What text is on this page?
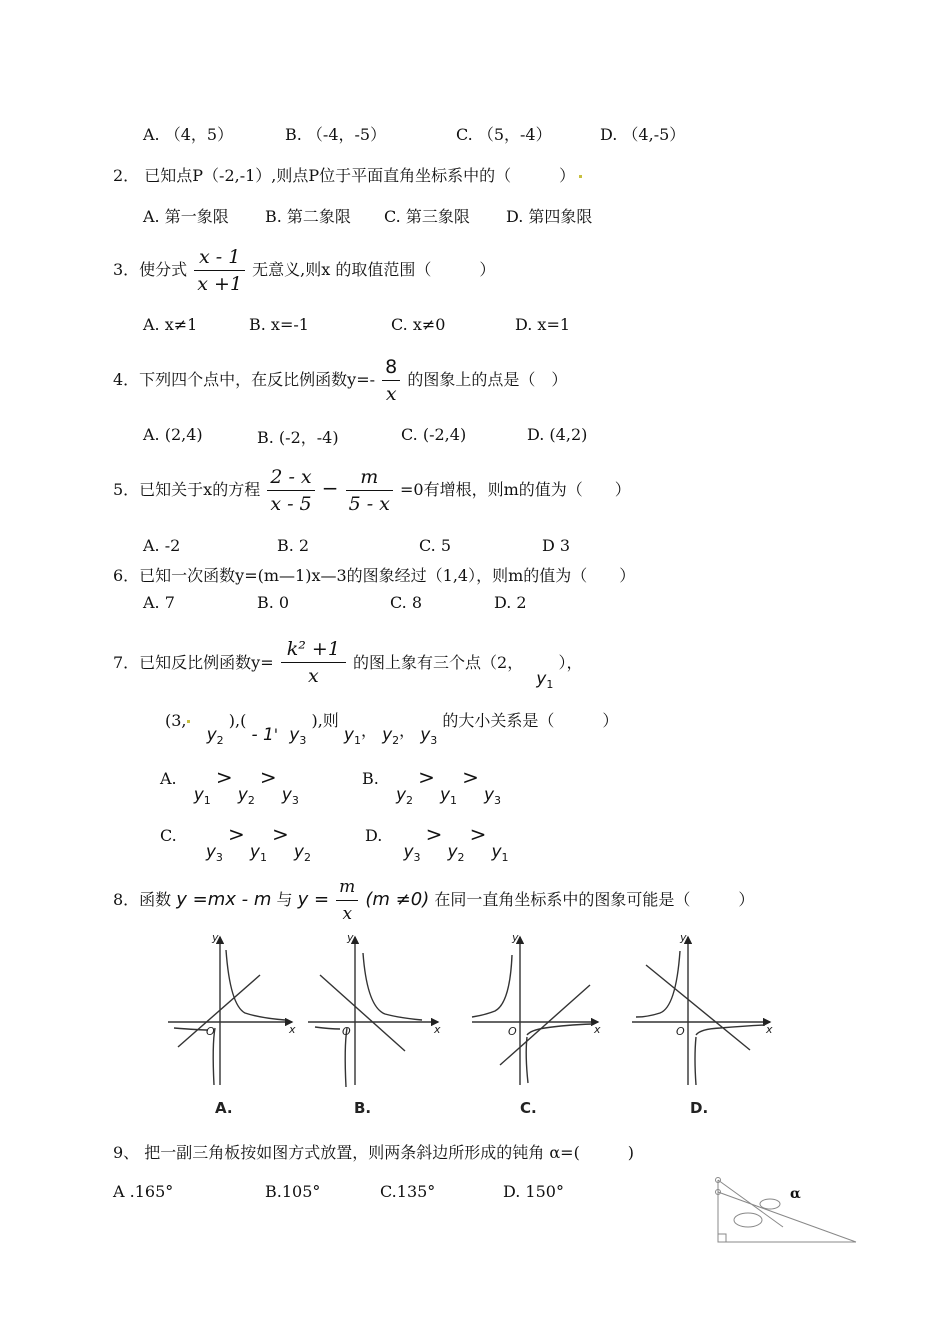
A. （4，5）	B. （-4，-5）	C. （5，-4）	D. （4,-5）
2． 已知点P（-2,-1）,则点P位于平面直角坐标系中的（　　　）
A. 第一象限 B. 第二象限 C. 第三象限 D. 第四象限
3．使分式 $\frac{x - 1}{x +1}$ 无意义,则x 的取值范围（　　　）
A. x≠1	B. x=-1	C. x≠0	D. x=1
4．下列四个点中，在反比例函数$y=- \frac{8}{x}$ 的图象上的点是（　）
A. (2,4)	B. (-2，-4)	C. (-2,4)	D. (4,2)
5．已知关于x的方程 $\frac{2 - x}{x - 5} - \frac{m}{5 - x} =0$有增根，则m的值为（　　）
A. -2	B. 2	C. 5	D 3
6．已知一次函数y=(m—1)x—3的图象经过（1,4），则m的值为（　　）
A. 7	B. 0	C. 8	D. 2
7．已知反比例函数$y= \frac{\text{k² +1}}{x}$ 的图上象有三个点（2， $y_1$ ），
(3, $y_2$ ),( - 1' $y_3$ ),则 $y_1$， $y_2$， $y_3$ 的大小关系是（　　　）
A. $y_1 > y_2 > y_3$
B. $y_2 > y_1 > y_3$
C. $y_3 > y_1 > y_2$
D. $y_3 > y_2 > y_1$
8．函数 y =mx - m 与 $y = \frac{m}{x} (m \ne 0)$ 在同一直角坐标系中的图象可能是（　　　）
y
x
O
y
x
O
y
x
O
y
x
O
A.	B.	C.	D.
9、 把一副三角板按如图方式放置，则两条斜边所形成的钝角 α=(　　　)
A .165°	B.105°	C.135°	D. 150°	α
